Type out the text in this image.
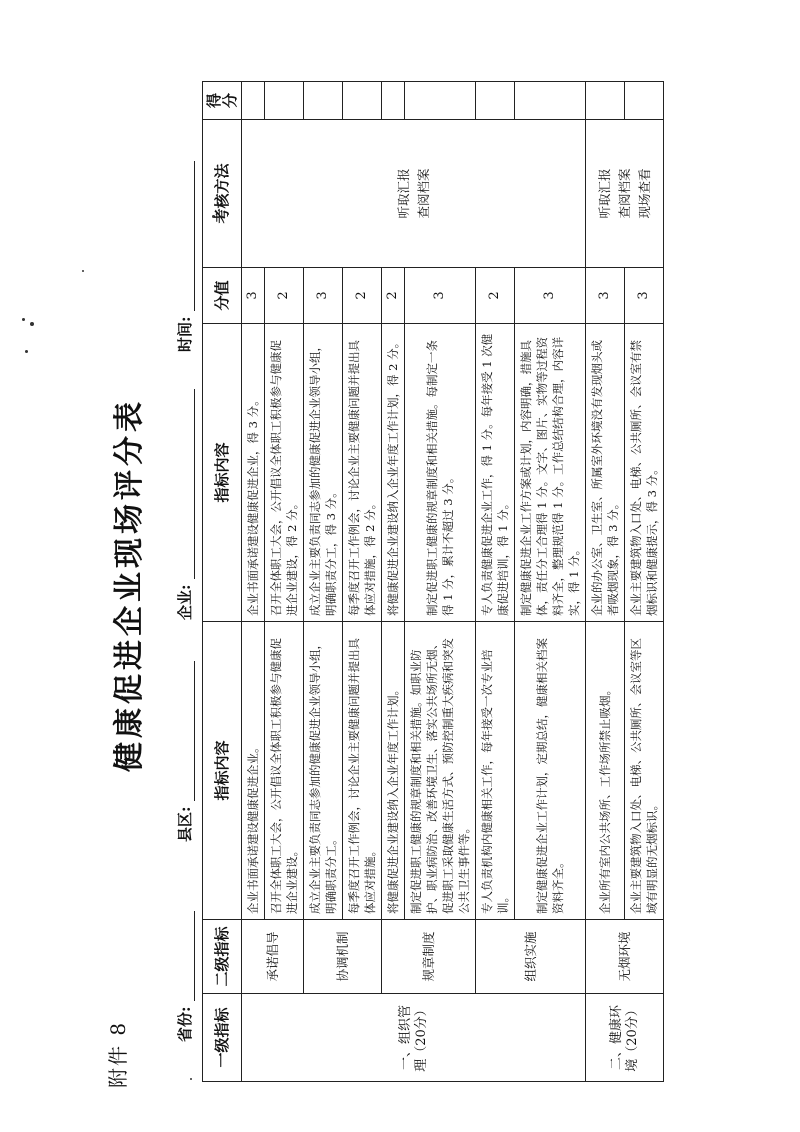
附件 8
健康促进企业现场评分表
省份:
县区:
企业:
时间:
一级指标	二级指标	指标内容	指标内容	分值	考核方法	得分
一、组织管理（20分）	承诺倡导	企业书面承诺建设健康促进企业。	企业书面承诺建设健康促进企业，得 3 分。	3	听取汇报
查阅档案	
		召开全体职工大会，公开倡议全体职工积极参与健康促进企业建设。	召开全体职工大会，公开倡议全体职工积极参与健康促进企业建设，得 2 分。	2		
	协调机制	成立企业主要负责同志参加的健康促进企业领导小组，明确职责分工。	成立企业主要负责同志参加的健康促进企业领导小组，明确职责分工，得 3 分。	3		
		每季度召开工作例会，讨论企业主要健康问题并提出具体应对措施。	每季度召开工作例会，讨论企业主要健康问题并提出具体应对措施，得 2 分。	2		
	规章制度	将健康促进企业建设纳入企业年度工作计划。	将健康促进企业建设纳入企业年度工作计划，得 2 分。	2		
		制定促进职工健康的规章制度和相关措施。如职业防护、职业病防治、改善环境卫生、落实公共场所无烟、促进职工采取健康生活方式、预防控制重大疾病和突发公共卫生事件等。	制定促进职工健康的规章制度和相关措施。每制定一条得 1 分，累计不超过 3 分。	3		
	组织实施	专人负责机构内健康相关工作，每年接受一次专业培训。	专人负责健康促进企业工作，得 1 分。每年接受 1 次健康促进培训，得 1 分。	2		
		制定健康促进企业工作计划，定期总结，健康相关档案资料齐全。	制定健康促进企业工作方案或计划，内容明确，措施具体，责任分工合理得 1 分。文字、图片、实物等过程资料齐全，整理规范得 1 分。工作总结结构合理，内容详实，得 1 分。	3		
二、健康环境（20分）	无烟环境	企业所有室内公共场所、工作场所禁止吸烟。	企业的办公室、卫生室、所属室外环境没有发现烟头或者吸烟现象，得 3 分。	3	听取汇报
查阅档案
现场查看	
		企业主要建筑物入口处、电梯、公共厕所、会议室等区域有明显的无烟标识。	企业主要建筑物入口处、电梯、公共厕所、会议室有禁烟标识和健康提示，得 3 分。	3		
